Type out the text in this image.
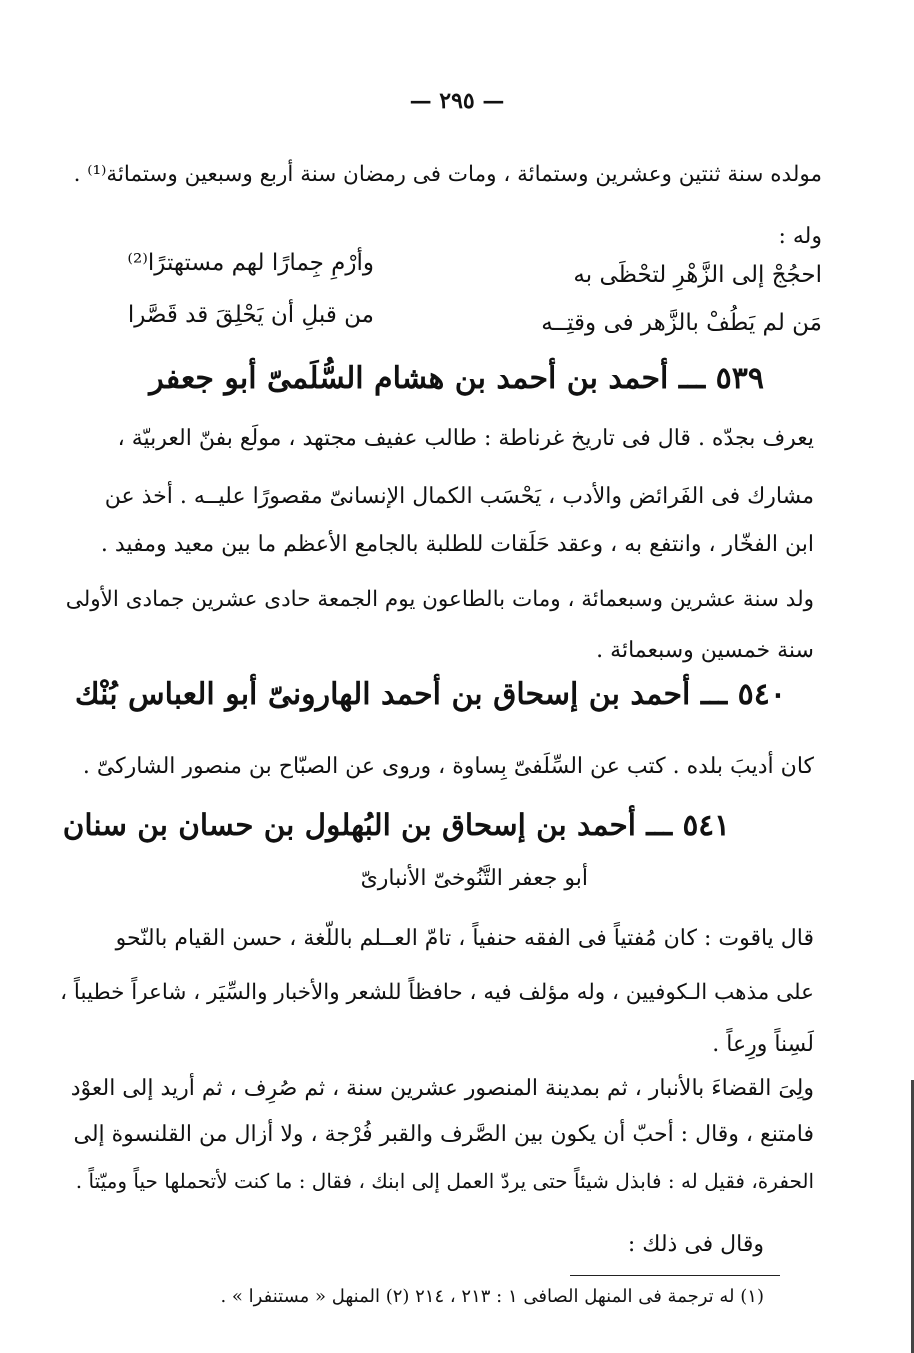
— ٢٩٥ —
مولده سنة ثنتين وعشرين وستمائة ، ومات فى رمضان سنة أربع وسبعين وستمائة⁽¹⁾ .
وله :
احجُجْ إلى الزَّهْرِ لتحْظَى به
وأرْمِ جِمارًا لهم مستهترًا⁽²⁾
مَن لم يَطُفْ بالزَّهر فى وقتِــه
من قبلِ أن يَحْلِقَ قد قَصَّرا
٥٣٩ ـــ أحمد بن أحمد بن هشام السُّلَمىّ أبو جعفر
يعرف بجدّه . قال فى تاريخ غرناطة : طالب عفيف مجتهد ، مولَع بفنّ العربيّة ،
مشارك فى الفَرائض والأدب ، يَحْسَب الكمال الإنسانىّ مقصورًا عليــه . أخذ عن
ابن الفخّار ، وانتفع به ، وعقد حَلَقات للطلبة بالجامع الأعظم ما بين معيد ومفيد .
ولد سنة عشرين وسبعمائة ، ومات بالطاعون يوم الجمعة حادى عشرين جمادى الأولى
سنة خمسين وسبعمائة .
٥٤٠ ـــ أحمد بن إسحاق بن أحمد الهارونىّ أبو العباس بُنْك
كان أديبَ بلده . كتب عن السِّلَفىّ بِساوة ، وروى عن الصبّاح بن منصور الشاركىّ .
٥٤١ ـــ أحمد بن إسحاق بن البُهلول بن حسان بن سنان
أبو جعفر التَّنُوخىّ الأنبارىّ
قال ياقوت : كان مُفتياً فى الفقه حنفياً ، تامّ العــلم باللّغة ، حسن القيام بالنّحو
على مذهب الـكوفيين ، وله مؤلف فيه ، حافظاً للشعر والأخبار والسِّيَر ، شاعراً خطيباً ،
لَسِناً ورِعاً .
ولِىَ القضاءَ بالأنبار ، ثم بمدينة المنصور عشرين سنة ، ثم صُرِف ، ثم أريد إلى العوْد
فامتنع ، وقال : أحبّ أن يكون بين الصَّرف والقبر فُرْجة ، ولا أزال من القلنسوة إلى
الحفرة، فقيل له : فابذل شيئاً حتى يردّ العمل إلى ابنك ، فقال : ما كنت لأتحملها حياً وميّتاً .
وقال فى ذلك :
(١) له ترجمة فى المنهل الصافى ١ : ٢١٣ ، ٢١٤ (٢) المنهل « مستنفرا » .
